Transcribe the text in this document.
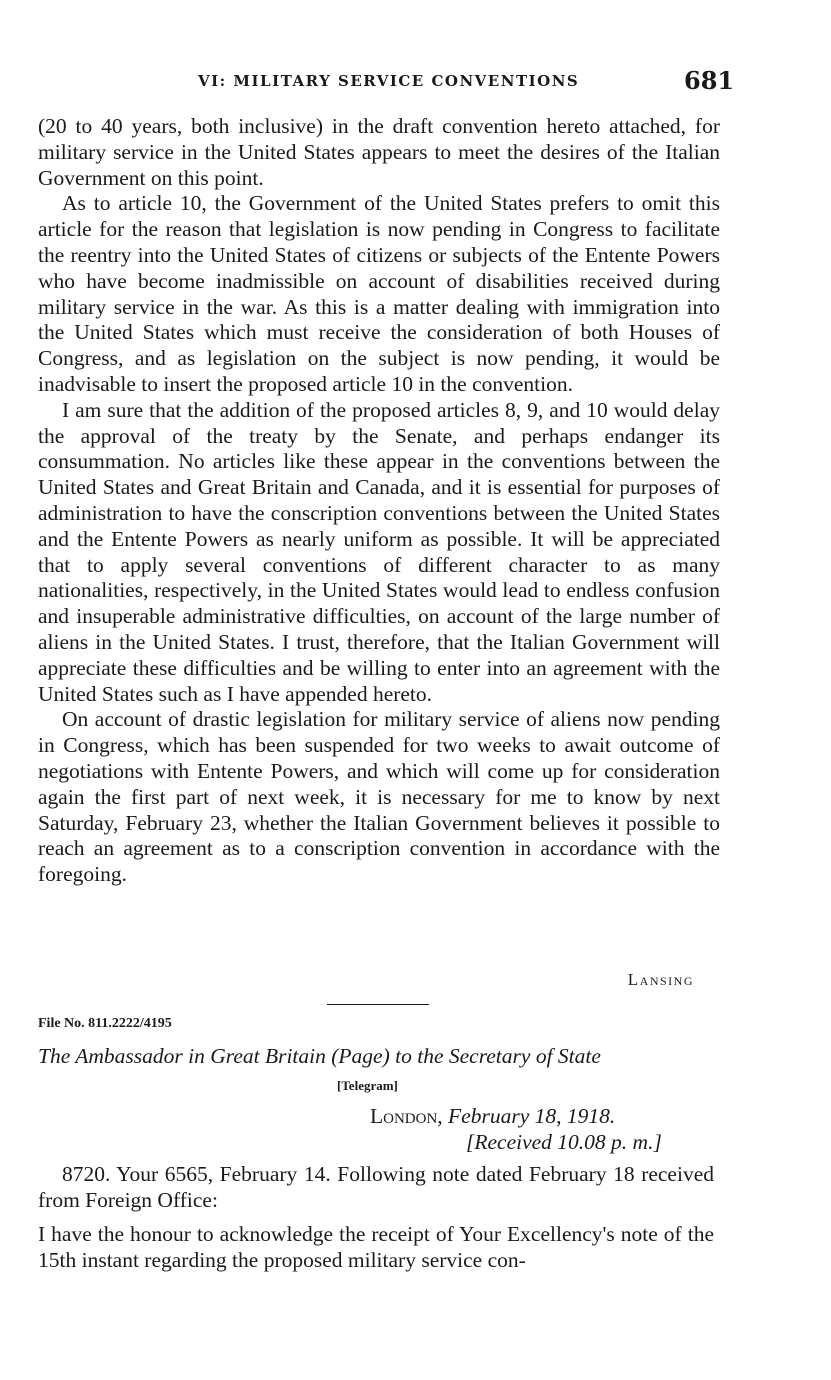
VI: MILITARY SERVICE CONVENTIONS	681

(20 to 40 years, both inclusive) in the draft convention hereto attached, for military service in the United States appears to meet the desires of the Italian Government on this point.

As to article 10, the Government of the United States prefers to omit this article for the reason that legislation is now pending in Congress to facilitate the reentry into the United States of citizens or subjects of the Entente Powers who have become inadmissible on account of disabilities received during military service in the war. As this is a matter dealing with immigration into the United States which must receive the consideration of both Houses of Congress, and as legislation on the subject is now pending, it would be inadvisable to insert the proposed article 10 in the convention.

I am sure that the addition of the proposed articles 8, 9, and 10 would delay the approval of the treaty by the Senate, and perhaps endanger its consummation. No articles like these appear in the conventions between the United States and Great Britain and Canada, and it is essential for purposes of administration to have the conscription conventions between the United States and the Entente Powers as nearly uniform as possible. It will be appreciated that to apply several conventions of different character to as many nationalities, respectively, in the United States would lead to endless confusion and insuperable administrative difficulties, on account of the large number of aliens in the United States. I trust, therefore, that the Italian Government will appreciate these difficulties and be willing to enter into an agreement with the United States such as I have appended hereto.

On account of drastic legislation for military service of aliens now pending in Congress, which has been suspended for two weeks to await outcome of negotiations with Entente Powers, and which will come up for consideration again the first part of next week, it is necessary for me to know by next Saturday, February 23, whether the Italian Government believes it possible to reach an agreement as to a conscription convention in accordance with the foregoing.

Lansing
File No. 811.2222/4195
The Ambassador in Great Britain (Page) to the Secretary of State
[Telegram]
London, February 18, 1918.
[Received 10.08 p. m.]

8720. Your 6565, February 14. Following note dated February 18 received from Foreign Office:

I have the honour to acknowledge the receipt of Your Excellency's note of the 15th instant regarding the proposed military service con-
